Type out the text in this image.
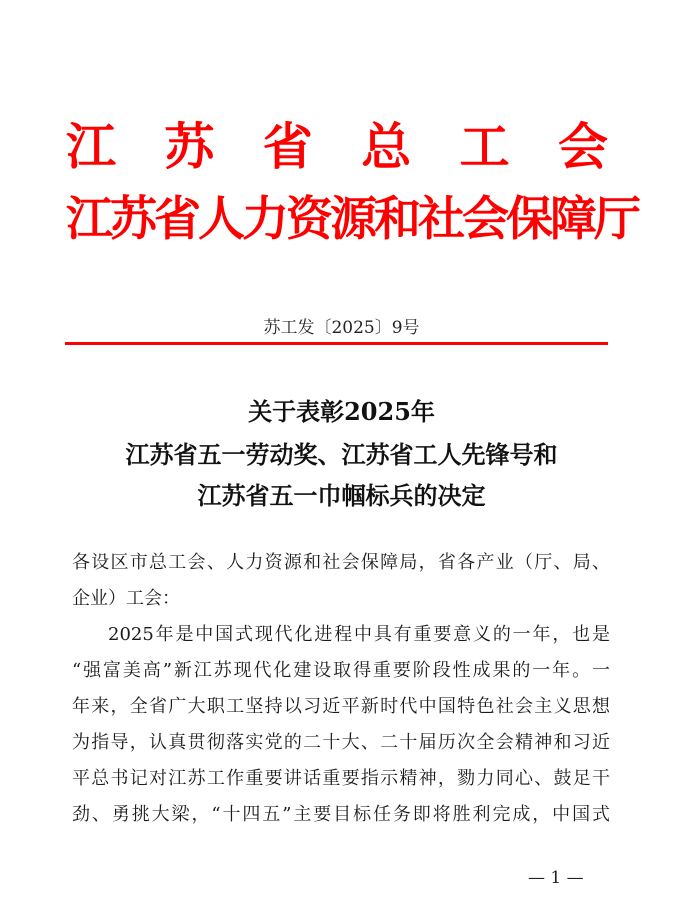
江 苏 省 总 工 会
江苏省人力资源和社会保障厅
苏工发〔2025〕9号
关于表彰2025年
江苏省五一劳动奖、江苏省工人先锋号和
江苏省五一巾帼标兵的决定
各设区市总工会、人力资源和社会保障局，省各产业（厅、局、
企业）工会：
2025年是中国式现代化进程中具有重要意义的一年，也是
“强富美高”新江苏现代化建设取得重要阶段性成果的一年。一
年来，全省广大职工坚持以习近平新时代中国特色社会主义思想
为指导，认真贯彻落实党的二十大、二十届历次全会精神和习近
平总书记对江苏工作重要讲话重要指示精神，勠力同心、鼓足干
劲、勇挑大梁，“十四五”主要目标任务即将胜利完成，中国式
— 1 —
